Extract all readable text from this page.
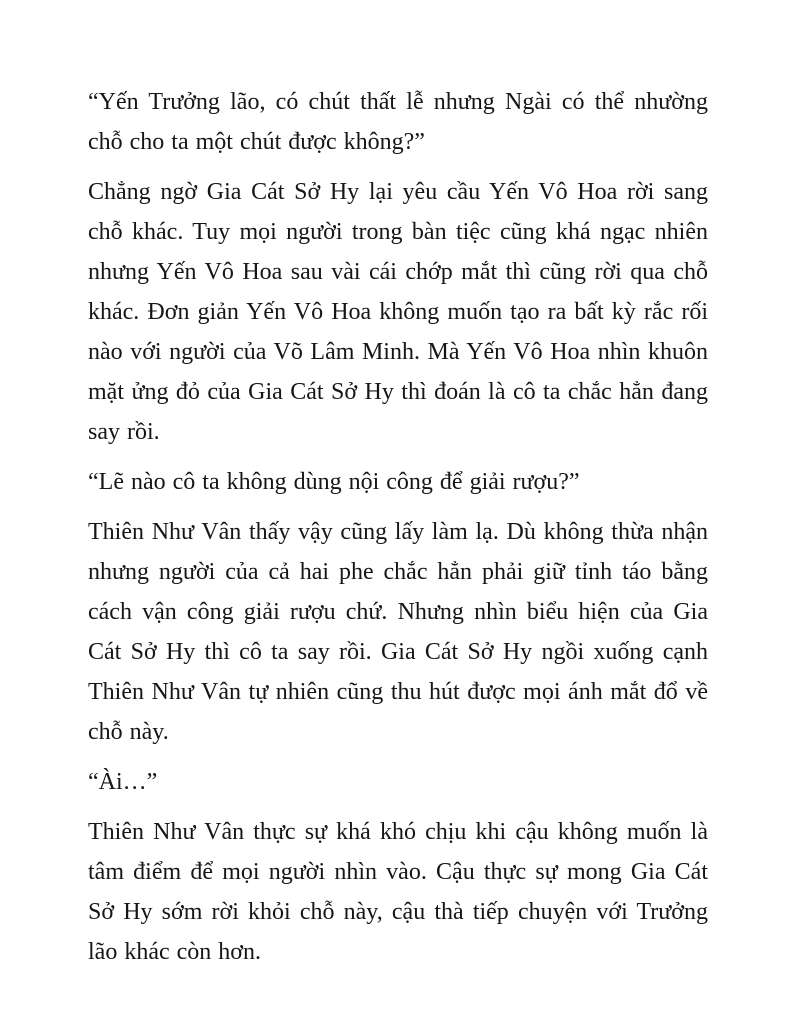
“Yến Trưởng lão, có chút thất lễ nhưng Ngài có thể nhường chỗ cho ta một chút được không?”

Chẳng ngờ Gia Cát Sở Hy lại yêu cầu Yến Vô Hoa rời sang chỗ khác. Tuy mọi người trong bàn tiệc cũng khá ngạc nhiên nhưng Yến Vô Hoa sau vài cái chớp mắt thì cũng rời qua chỗ khác. Đơn giản Yến Vô Hoa không muốn tạo ra bất kỳ rắc rối nào với người của Võ Lâm Minh. Mà Yến Vô Hoa nhìn khuôn mặt ửng đỏ của Gia Cát Sở Hy thì đoán là cô ta chắc hẳn đang say rồi.

“Lẽ nào cô ta không dùng nội công để giải rượu?”

Thiên Như Vân thấy vậy cũng lấy làm lạ. Dù không thừa nhận nhưng người của cả hai phe chắc hẳn phải giữ tỉnh táo bằng cách vận công giải rượu chứ. Nhưng nhìn biểu hiện của Gia Cát Sở Hy thì cô ta say rồi. Gia Cát Sở Hy ngồi xuống cạnh Thiên Như Vân tự nhiên cũng thu hút được mọi ánh mắt đổ về chỗ này.

“Ài…”

Thiên Như Vân thực sự khá khó chịu khi cậu không muốn là tâm điểm để mọi người nhìn vào. Cậu thực sự mong Gia Cát Sở Hy sớm rời khỏi chỗ này, cậu thà tiếp chuyện với Trưởng lão khác còn hơn.
